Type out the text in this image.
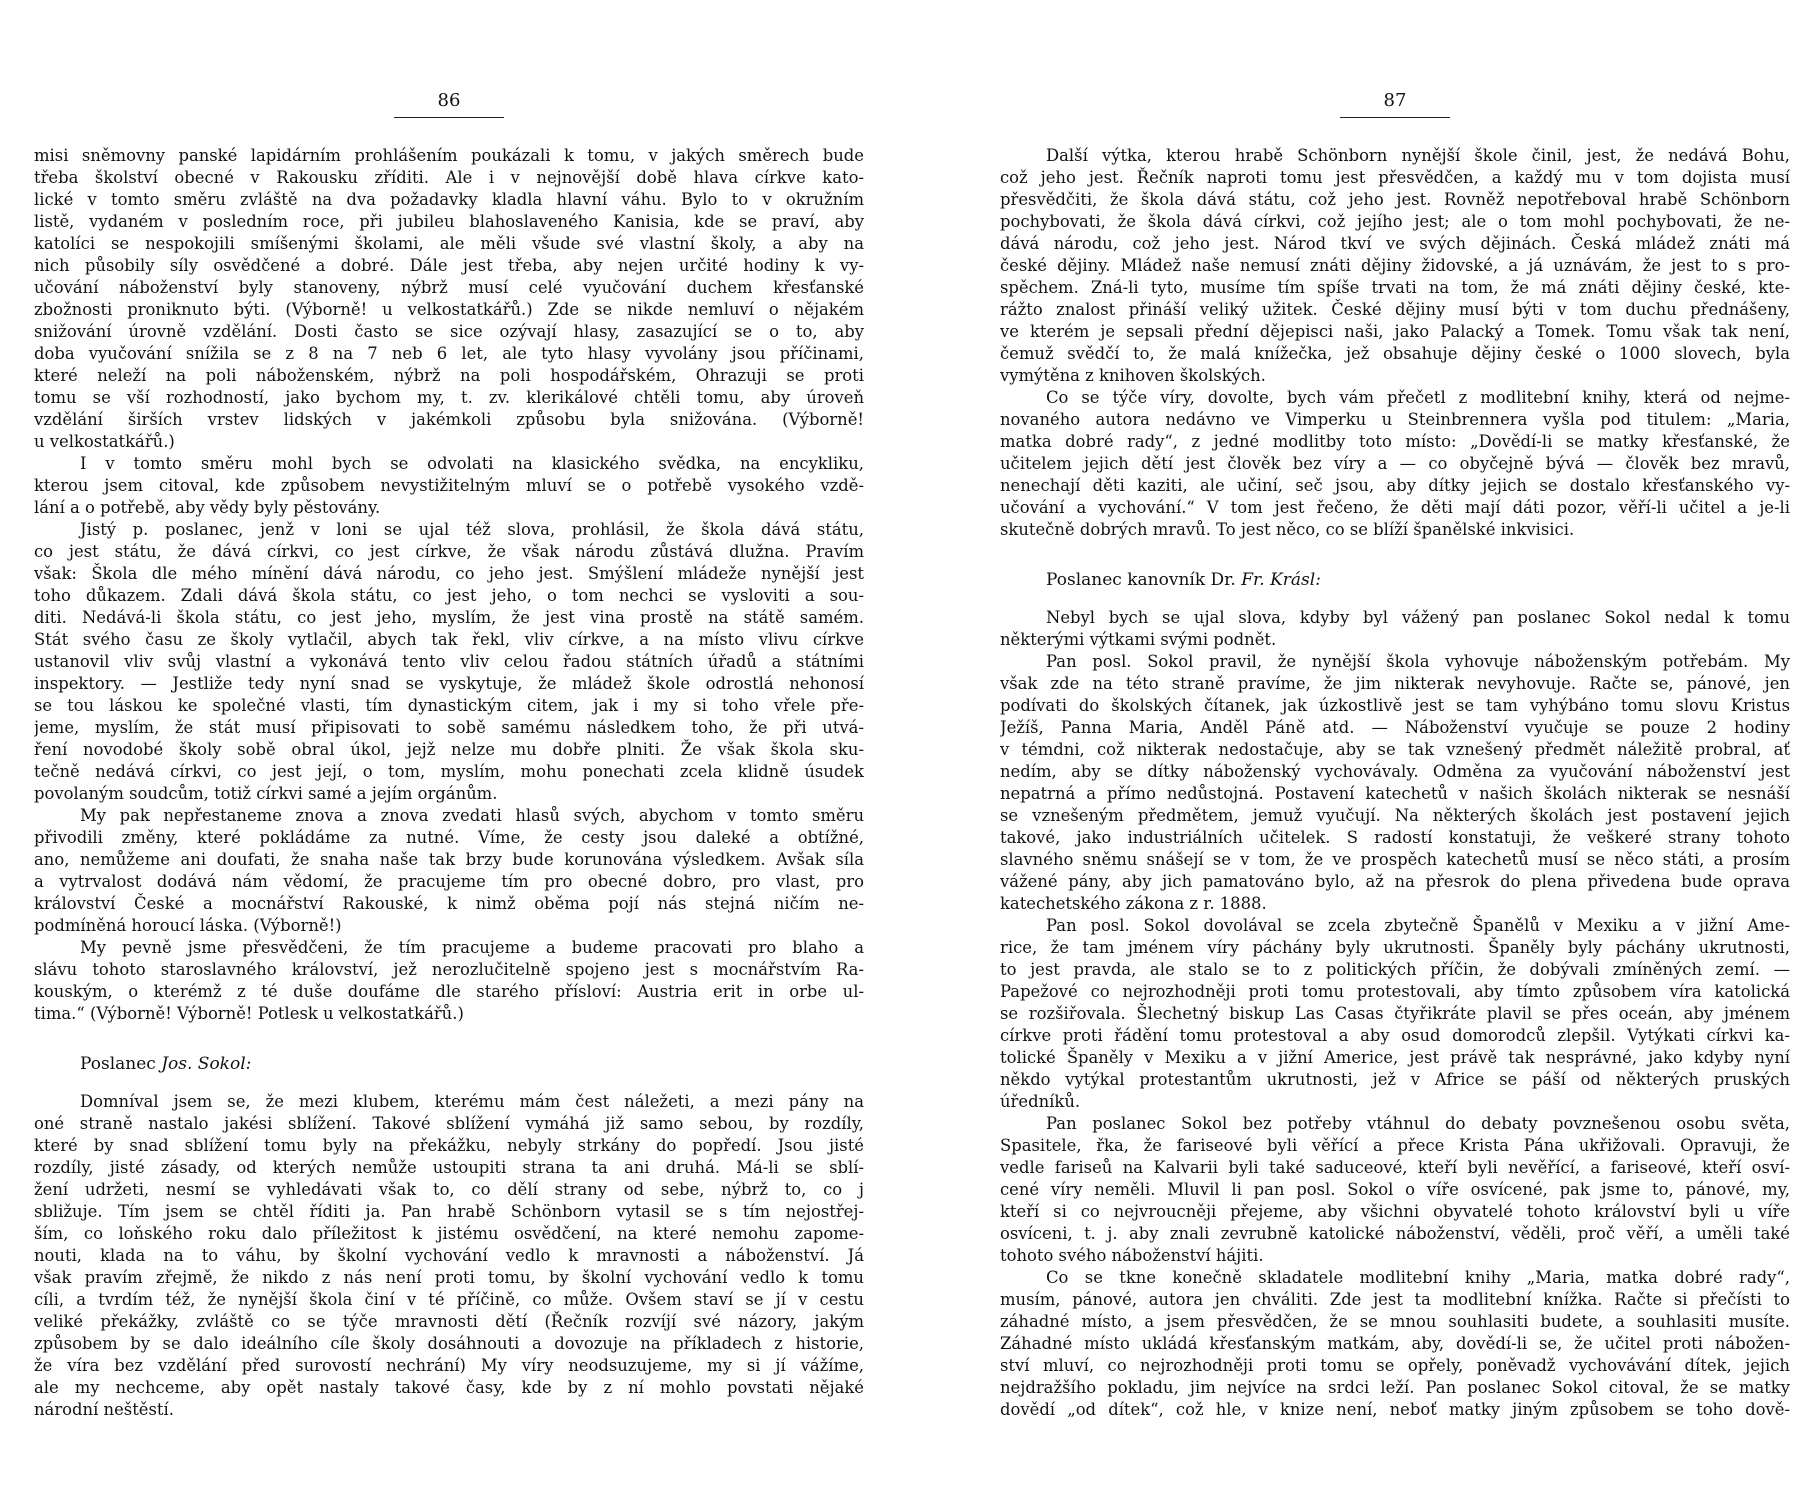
86

misi sněmovny panské lapidárním prohlášením poukázali k tomu, v jakých směrech bude

třeba školství obecné v Rakousku zříditi. Ale i v nejnovější době hlava církve kato-

lické v tomto směru zvláště na dva požadavky kladla hlavní váhu. Bylo to v okružním

listě, vydaném v posledním roce, při jubileu blahoslaveného Kanisia, kde se praví, aby

katolíci se nespokojili smíšenými školami, ale měli všude své vlastní školy, a aby na

nich působily síly osvědčené a dobré. Dále jest třeba, aby nejen určité hodiny k vy-

učování náboženství byly stanoveny, nýbrž musí celé vyučování duchem křesťanské

zbožnosti proniknuto býti. (Výborně! u velkostatkářů.) Zde se nikde nemluví o nějakém

snižování úrovně vzdělání. Dosti často se sice ozývají hlasy, zasazující se o to, aby

doba vyučování snížila se z 8 na 7 neb 6 let, ale tyto hlasy vyvolány jsou příčinami,

které neleží na poli náboženském, nýbrž na poli hospodářském, Ohrazuji se proti

tomu se vší rozhodností, jako bychom my, t. zv. klerikálové chtěli tomu, aby úroveň

vzdělání širších vrstev lidských v jakémkoli způsobu byla snižována. (Výborně!

u velkostatkářů.)

I v tomto směru mohl bych se odvolati na klasického svědka, na encykliku,

kterou jsem citoval, kde způsobem nevystižitelným mluví se o potřebě vysokého vzdě-

lání a o potřebě, aby vědy byly pěstovány.

Jistý p. poslanec, jenž v loni se ujal též slova, prohlásil, že škola dává státu,

co jest státu, že dává církvi, co jest církve, že však národu zůstává dlužna. Pravím

však: Škola dle mého mínění dává národu, co jeho jest. Smýšlení mládeže nynější jest

toho důkazem. Zdali dává škola státu, co jest jeho, o tom nechci se vysloviti a sou-

diti. Nedává-li škola státu, co jest jeho, myslím, že jest vina prostě na státě samém.

Stát svého času ze školy vytlačil, abych tak řekl, vliv církve, a na místo vlivu církve

ustanovil vliv svůj vlastní a vykonává tento vliv celou řadou státních úřadů a státními

inspektory. — Jestliže tedy nyní snad se vyskytuje, že mládež škole odrostlá nehonosí

se tou láskou ke společné vlasti, tím dynastickým citem, jak i my si toho vřele pře-

jeme, myslím, že stát musí připisovati to sobě samému následkem toho, že při utvá-

ření novodobé školy sobě obral úkol, jejž nelze mu dobře plniti. Že však škola sku-

tečně nedává církvi, co jest její, o tom, myslím, mohu ponechati zcela klidně úsudek

povolaným soudcům, totiž církvi samé a jejím orgánům.

My pak nepřestaneme znova a znova zvedati hlasů svých, abychom v tomto směru

přivodili změny, které pokládáme za nutné. Víme, že cesty jsou daleké a obtížné,

ano, nemůžeme ani doufati, že snaha naše tak brzy bude korunována výsledkem. Avšak síla

a vytrvalost dodává nám vědomí, že pracujeme tím pro obecné dobro, pro vlast, pro

království České a mocnářství Rakouské, k nimž oběma pojí nás stejná ničím ne-

podmíněná horoucí láska. (Výborně!)

My pevně jsme přesvědčeni, že tím pracujeme a budeme pracovati pro blaho a

slávu tohoto staroslavného království, jež nerozlučitelně spojeno jest s mocnářstvím Ra-

kouským, o kterémž z té duše doufáme dle starého přísloví: Austria erit in orbe ul-

tima.“ (Výborně! Výborně! Potlesk u velkostatkářů.)

Poslanec Jos. Sokol:

Domníval jsem se, že mezi klubem, kterému mám čest náležeti, a mezi pány na

oné straně nastalo jakési sblížení. Takové sblížení vymáhá již samo sebou, by rozdíly,

které by snad sblížení tomu byly na překážku, nebyly strkány do popředí. Jsou jisté

rozdíly, jisté zásady, od kterých nemůže ustoupiti strana ta ani druhá. Má-li se sblí-

žení udržeti, nesmí se vyhledávati však to, co dělí strany od sebe, nýbrž to, co j

sbližuje. Tím jsem se chtěl říditi ja. Pan hrabě Schönborn vytasil se s tím nejostřej-

ším, co loňského roku dalo příležitost k jistému osvědčení, na které nemohu zapome-

nouti, klada na to váhu, by školní vychování vedlo k mravnosti a náboženství. Já

však pravím zřejmě, že nikdo z nás není proti tomu, by školní vychování vedlo k tomu

cíli, a tvrdím též, že nynější škola činí v té příčině, co může. Ovšem staví se jí v cestu

veliké překážky, zvláště co se týče mravnosti dětí (Řečník rozvíjí své názory, jakým

způsobem by se dalo ideálního cíle školy dosáhnouti a dovozuje na příkladech z historie,

že víra bez vzdělání před surovostí nechrání) My víry neodsuzujeme, my si jí vážíme,

ale my nechceme, aby opět nastaly takové časy, kde by z ní mohlo povstati nějaké

národní neštěstí.

87

Další výtka, kterou hrabě Schönborn nynější škole činil, jest, že nedává Bohu,

což jeho jest. Řečník naproti tomu jest přesvědčen, a každý mu v tom dojista musí

přesvědčiti, že škola dává státu, což jeho jest. Rovněž nepotřeboval hrabě Schönborn

pochybovati, že škola dává církvi, což jejího jest; ale o tom mohl pochybovati, že ne-

dává národu, což jeho jest. Národ tkví ve svých dějinách. Česká mládež znáti má

české dějiny. Mládež naše nemusí znáti dějiny židovské, a já uznávám, že jest to s pro-

spěchem. Zná-li tyto, musíme tím spíše trvati na tom, že má znáti dějiny české, kte-

rážto znalost přináší veliký užitek. České dějiny musí býti v tom duchu přednášeny,

ve kterém je sepsali přední dějepisci naši, jako Palacký a Tomek. Tomu však tak není,

čemuž svědčí to, že malá knížečka, jež obsahuje dějiny české o 1000 slovech, byla

vymýtěna z knihoven školských.

Co se týče víry, dovolte, bych vám přečetl z modlitební knihy, která od nejme-

novaného autora nedávno ve Vimperku u Steinbrennera vyšla pod titulem: „Maria,

matka dobré rady“, z jedné modlitby toto místo: „Dovědí-li se matky křesťanské, že

učitelem jejich dětí jest člověk bez víry a — co obyčejně bývá — člověk bez mravů,

nenechají děti kaziti, ale učiní, seč jsou, aby dítky jejich se dostalo křesťanského vy-

učování a vychování.“ V tom jest řečeno, že děti mají dáti pozor, věří-li učitel a je-li

skutečně dobrých mravů. To jest něco, co se blíží španělské inkvisici.

Poslanec kanovník Dr. Fr. Krásl:

Nebyl bych se ujal slova, kdyby byl vážený pan poslanec Sokol nedal k tomu

některými výtkami svými podnět.

Pan posl. Sokol pravil, že nynější škola vyhovuje náboženským potřebám. My

však zde na této straně pravíme, že jim nikterak nevyhovuje. Račte se, pánové, jen

podívati do školských čítanek, jak úzkostlivě jest se tam vyhýbáno tomu slovu Kristus

Ježíš, Panna Maria, Anděl Páně atd. — Náboženství vyučuje se pouze 2 hodiny

v témdni, což nikterak nedostačuje, aby se tak vznešený předmět náležitě probral, ať

nedím, aby se dítky náboženský vychovávaly. Odměna za vyučování náboženství jest

nepatrná a přímo nedůstojná. Postavení katechetů v našich školách nikterak se nesnáší

se vznešeným předmětem, jemuž vyučují. Na některých školách jest postavení jejich

takové, jako industriálních učitelek. S radostí konstatuji, že veškeré strany tohoto

slavného sněmu snášejí se v tom, že ve prospěch katechetů musí se něco státi, a prosím

vážené pány, aby jich pamatováno bylo, až na přesrok do plena přivedena bude oprava

katechetského zákona z r. 1888.

Pan posl. Sokol dovolával se zcela zbytečně Španělů v Mexiku a v jižní Ame-

rice, že tam jménem víry páchány byly ukrutnosti. Španěly byly páchány ukrutnosti,

to jest pravda, ale stalo se to z politických příčin, že dobývali zmíněných zemí. —

Papežové co nejrozhodněji proti tomu protestovali, aby tímto způsobem víra katolická

se rozšiřovala. Šlechetný biskup Las Casas čtyřikráte plavil se přes oceán, aby jménem

církve proti řádění tomu protestoval a aby osud domorodců zlepšil. Vytýkati církvi ka-

tolické Španěly v Mexiku a v jižní Americe, jest právě tak nesprávné, jako kdyby nyní

někdo vytýkal protestantům ukrutnosti, jež v Africe se páší od některých pruských

úředníků.

Pan poslanec Sokol bez potřeby vtáhnul do debaty povznešenou osobu světa,

Spasitele, řka, že fariseové byli věřící a přece Krista Pána ukřižovali. Opravuji, že

vedle fariseů na Kalvarii byli také saduceové, kteří byli nevěřící, a fariseové, kteří osví-

cené víry neměli. Mluvil li pan posl. Sokol o víře osvícené, pak jsme to, pánové, my,

kteří si co nejvroucněji přejeme, aby všichni obyvatelé tohoto království byli u víře

osvíceni, t. j. aby znali zevrubně katolické náboženství, věděli, proč věří, a uměli také

tohoto svého náboženství hájiti.

Co se tkne konečně skladatele modlitební knihy „Maria, matka dobré rady“,

musím, pánové, autora jen chváliti. Zde jest ta modlitební knížka. Račte si přečísti to

záhadné místo, a jsem přesvědčen, že se mnou souhlasiti budete, a souhlasiti musíte.

Záhadné místo ukládá křesťanským matkám, aby, dovědí-li se, že učitel proti nábožen-

ství mluví, co nejrozhodněji proti tomu se opřely, poněvadž vychovávání dítek, jejich

nejdražšího pokladu, jim nejvíce na srdci leží. Pan poslanec Sokol citoval, že se matky

dovědí „od dítek“, což hle, v knize není, neboť matky jiným způsobem se toho dově-
